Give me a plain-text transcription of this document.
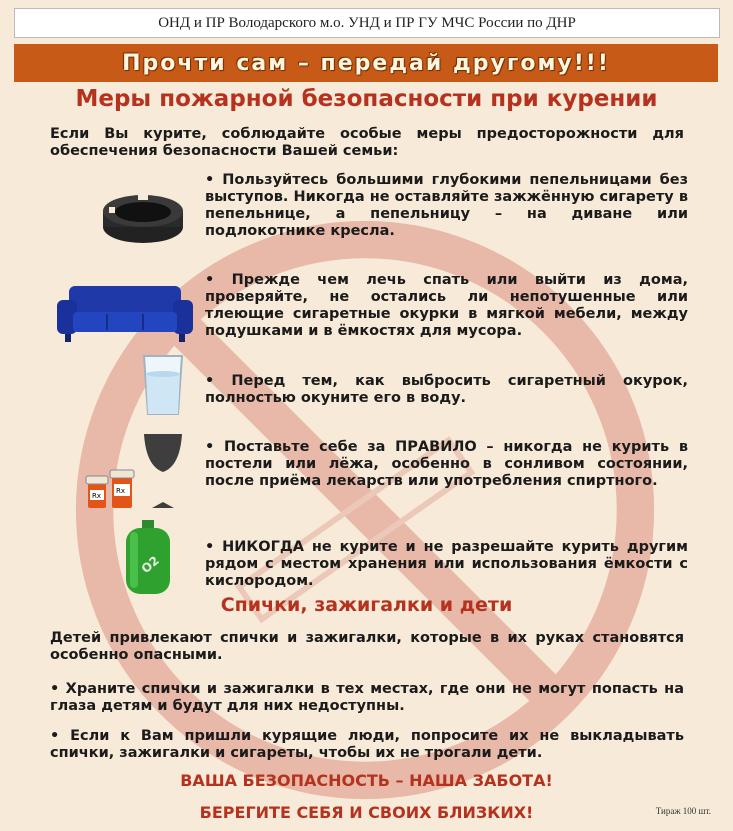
ОНД и ПР Володарского м.о. УНД и ПР ГУ МЧС России по ДНР
Прочти сам – передай другому!!!
Меры пожарной безопасности при курении
Если Вы курите, соблюдайте особые меры предосторожности для обеспечения безопасности Вашей семьи:
• Пользуйтесь большими глубокими пепельницами без выступов. Никогда не оставляйте зажжённую сигарету в пепельнице, а пепельницу – на диване или подлокотнике кресла.
• Прежде чем лечь спать или выйти из дома, проверяйте, не остались ли непотушенные или тлеющие сигаретные окурки в мягкой мебели, между подушками и в ёмкостях для мусора.
• Перед тем, как выбросить сигаретный окурок, полностью окуните его в воду.
Rx
Rx
• Поставьте себе за ПРАВИЛО – никогда не курить в постели или лёжа, особенно в сонливом состоянии, после приёма лекарств или употребления спиртного.
O2
• НИКОГДА не курите и не разрешайте курить другим рядом с местом хранения или использования ёмкости с кислородом.
Спички, зажигалки и дети
Детей привлекают спички и зажигалки, которые в их руках становятся особенно опасными.
• Храните спички и зажигалки в тех местах, где они не могут попасть на глаза детям и будут для них недоступны.
• Если к Вам пришли курящие люди, попросите их не выкладывать спички, зажигалки и сигареты, чтобы их не трогали дети.
ВАША БЕЗОПАСНОСТЬ – НАША ЗАБОТА!
БЕРЕГИТЕ СЕБЯ И СВОИХ БЛИЗКИХ!	Тираж 100 шт.
